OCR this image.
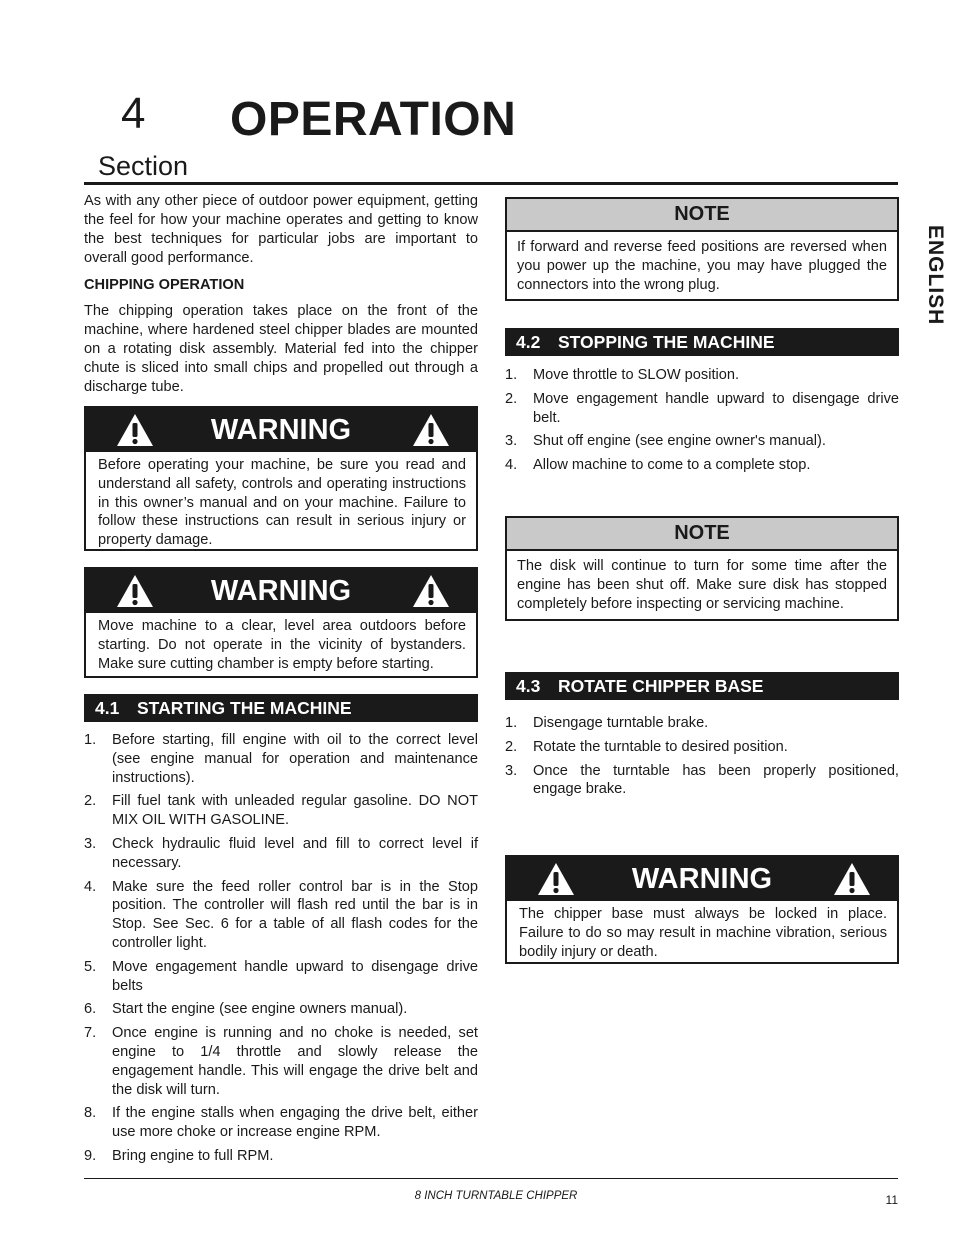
4 OPERATION
Section
ENGLISH

As with any other piece of outdoor power equipment, getting the feel for how your machine operates and getting to know the best techniques for particular jobs are important to overall good performance.

CHIPPING OPERATION

The chipping operation takes place on the front of the machine, where hardened steel chipper blades are mounted on a rotating disk assembly. Material fed into the chipper chute is sliced into small chips and propelled out through a discharge tube.

WARNING
Before operating your machine, be sure you read and understand all safety, controls and operating instructions in this owner’s manual and on your machine. Failure to follow these instructions can result in serious injury or property damage.
WARNING
Move machine to a clear, level area outdoors before starting. Do not operate in the vicinity of bystanders. Make sure cutting chamber is empty before starting.
4.1 STARTING THE MACHINE
1. Before starting, fill engine with oil to the correct level (see engine manual for operation and maintenance instructions).
2. Fill fuel tank with unleaded regular gasoline. DO NOT MIX OIL WITH GASOLINE.
3. Check hydraulic fluid level and fill to correct level if necessary.
4. Make sure the feed roller control bar is in the Stop position. The controller will flash red until the bar is in Stop. See Sec. 6 for a table of all flash codes for the controller light.
5. Move engagement handle upward to disengage drive belts
6. Start the engine (see engine owners manual).
7. Once engine is running and no choke is needed, set engine to 1/4 throttle and slowly release the engagement handle. This will engage the drive belt and the disk will turn.
8. If the engine stalls when engaging the drive belt, either use more choke or increase engine RPM.
9. Bring engine to full RPM.
NOTE
If forward and reverse feed positions are reversed when you power up the machine, you may have plugged the connectors into the wrong plug.
4.2 STOPPING THE MACHINE
1. Move throttle to SLOW position.
2. Move engagement handle upward to disengage drive belt.
3. Shut off engine (see engine owner's manual).
4. Allow machine to come to a complete stop.
NOTE
The disk will continue to turn for some time after the engine has been shut off. Make sure disk has stopped completely before inspecting or servicing machine.
4.3 ROTATE CHIPPER BASE
1. Disengage turntable brake.
2. Rotate the turntable to desired position.
3. Once the turntable has been properly positioned, engage brake.
WARNING
The chipper base must always be locked in place. Failure to do so may result in machine vibration, serious bodily injury or death.
8 INCH TURNTABLE CHIPPER	11
